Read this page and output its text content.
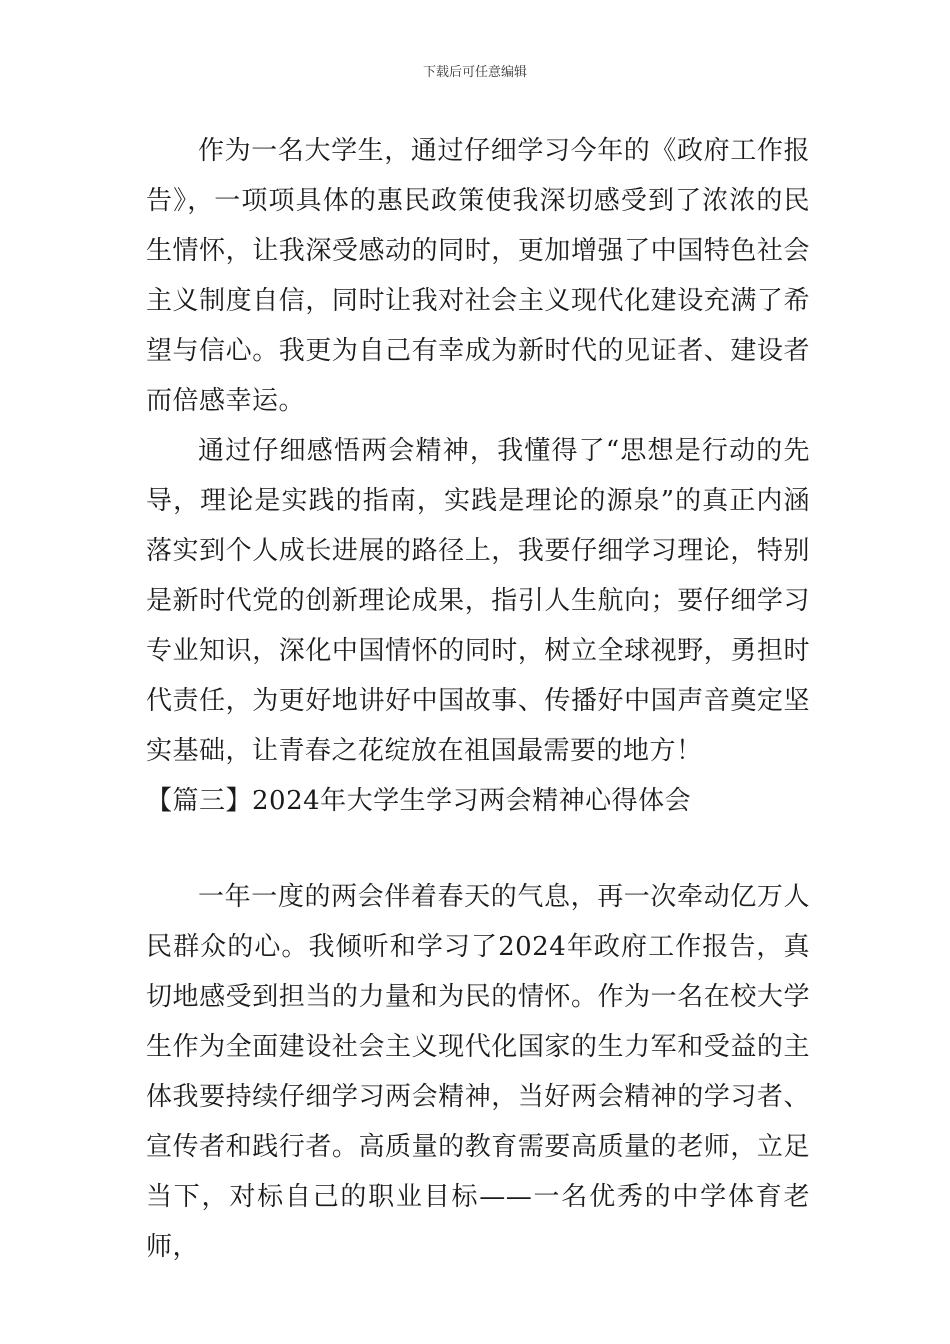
下载后可任意编辑

作为一名大学生，通过仔细学习今年的《政府工作报告》，一项项具体的惠民政策使我深切感受到了浓浓的民生情怀，让我深受感动的同时，更加增强了中国特色社会主义制度自信，同时让我对社会主义现代化建设充满了希望与信心。我更为自己有幸成为新时代的见证者、建设者而倍感幸运。

通过仔细感悟两会精神，我懂得了“思想是行动的先导，理论是实践的指南，实践是理论的源泉”的真正内涵落实到个人成长进展的路径上，我要仔细学习理论，特别是新时代党的创新理论成果，指引人生航向；要仔细学习专业知识，深化中国情怀的同时，树立全球视野，勇担时代责任，为更好地讲好中国故事、传播好中国声音奠定坚实基础，让青春之花绽放在祖国最需要的地方！

【篇三】2024年大学生学习两会精神心得体会

一年一度的两会伴着春天的气息，再一次牵动亿万人民群众的心。我倾听和学习了2024年政府工作报告，真切地感受到担当的力量和为民的情怀。作为一名在校大学生作为全面建设社会主义现代化国家的生力军和受益的主体我要持续仔细学习两会精神，当好两会精神的学习者、宣传者和践行者。高质量的教育需要高质量的老师，立足当下，对标自己的职业目标——一名优秀的中学体育老师，
